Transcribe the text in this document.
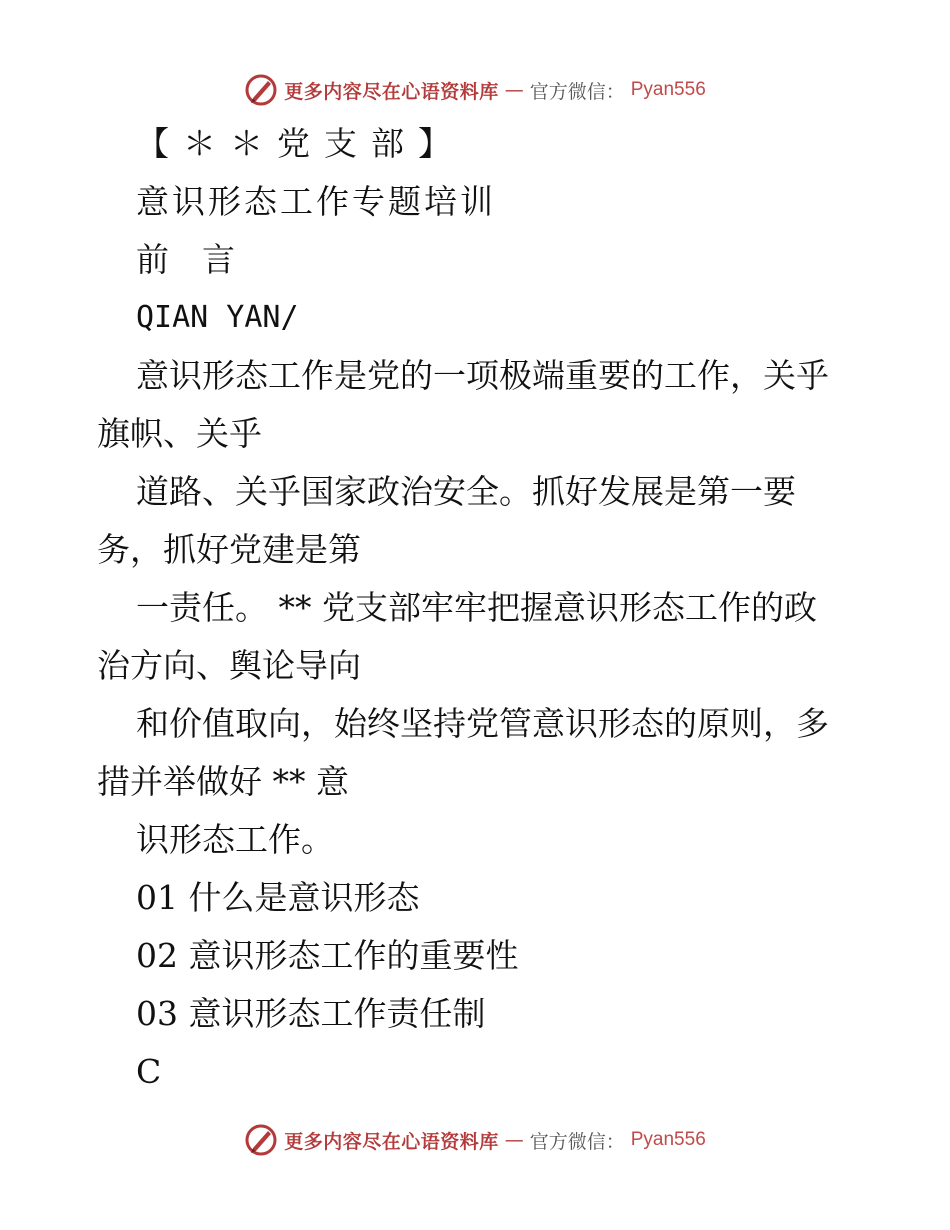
更多内容尽在心语资料库 — 官方微信： Pyan556
【＊＊党支部】
意识形态工作专题培训
前　言
QIAN YAN/
意识形态工作是党的一项极端重要的工作，关乎
旗帜、关乎
道路、关乎国家政治安全。抓好发展是第一要
务，抓好党建是第
一责任。 ** 党支部牢牢把握意识形态工作的政
治方向、舆论导向
和价值取向，始终坚持党管意识形态的原则，多
措并举做好 ** 意
识形态工作。
01 什么是意识形态
02 意识形态工作的重要性
03 意识形态工作责任制
C
更多内容尽在心语资料库 — 官方微信： Pyan556
